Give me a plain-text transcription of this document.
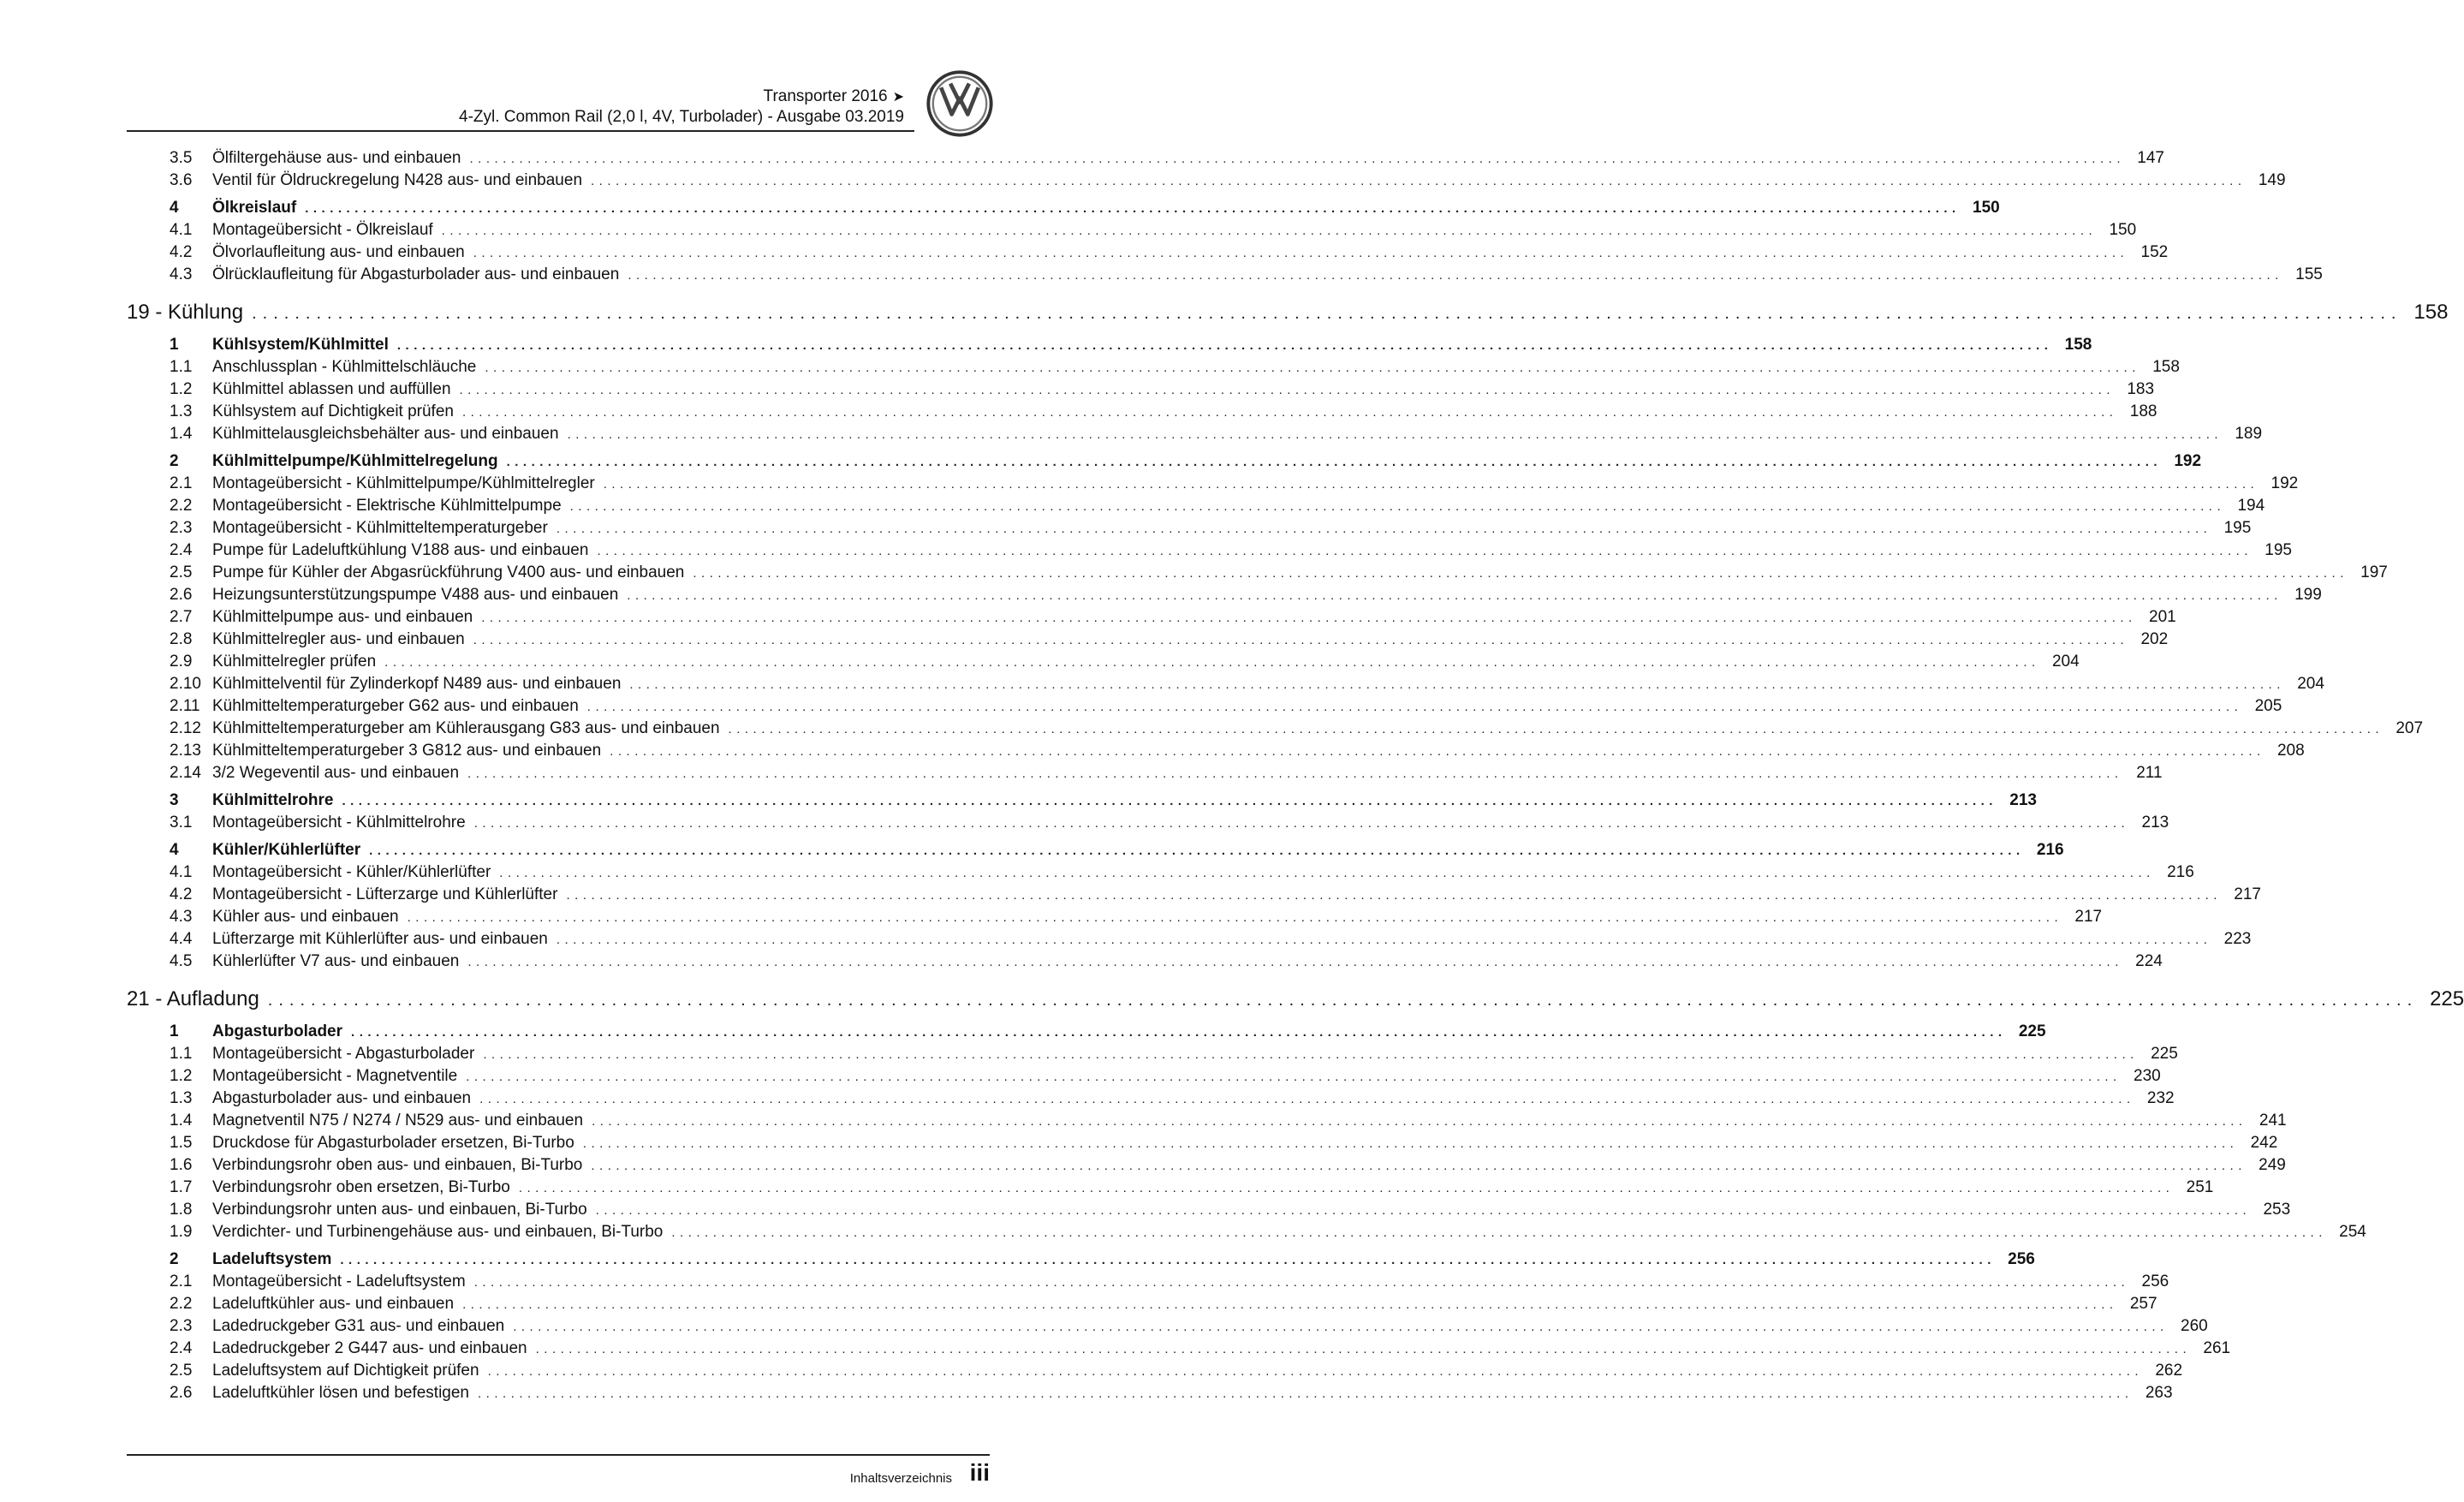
Transporter 2016 ➤
4-Zyl. Common Rail (2,0 l, 4V, Turbolader) - Ausgabe 03.2019
3.5	Ölfiltergehäuse aus- und einbauen ........................................................................................................................................................................................................ 147
3.6	Ventil für Öldruckregelung N428 aus- und einbauen ........................................................................................................................................................................................................ 149
4	Ölkreislauf ........................................................................................................................................................................................................ 150
4.1	Montageübersicht - Ölkreislauf ........................................................................................................................................................................................................ 150
4.2	Ölvorlaufleitung aus- und einbauen ........................................................................................................................................................................................................ 152
4.3	Ölrücklaufleitung für Abgasturbolader aus- und einbauen ........................................................................................................................................................................................................ 155
19 - Kühlung ........................................................................................................................................................................................................ 158
1	Kühlsystem/Kühlmittel ........................................................................................................................................................................................................ 158
1.1	Anschlussplan - Kühlmittelschläuche ........................................................................................................................................................................................................ 158
1.2	Kühlmittel ablassen und auffüllen ........................................................................................................................................................................................................ 183
1.3	Kühlsystem auf Dichtigkeit prüfen ........................................................................................................................................................................................................ 188
1.4	Kühlmittelausgleichsbehälter aus- und einbauen ........................................................................................................................................................................................................ 189
2	Kühlmittelpumpe/Kühlmittelregelung ........................................................................................................................................................................................................ 192
2.1	Montageübersicht - Kühlmittelpumpe/Kühlmittelregler ........................................................................................................................................................................................................ 192
2.2	Montageübersicht - Elektrische Kühlmittelpumpe ........................................................................................................................................................................................................ 194
2.3	Montageübersicht - Kühlmitteltemperaturgeber ........................................................................................................................................................................................................ 195
2.4	Pumpe für Ladeluftkühlung V188 aus- und einbauen ........................................................................................................................................................................................................ 195
2.5	Pumpe für Kühler der Abgasrückführung V400 aus- und einbauen ........................................................................................................................................................................................................ 197
2.6	Heizungsunterstützungspumpe V488 aus- und einbauen ........................................................................................................................................................................................................ 199
2.7	Kühlmittelpumpe aus- und einbauen ........................................................................................................................................................................................................ 201
2.8	Kühlmittelregler aus- und einbauen ........................................................................................................................................................................................................ 202
2.9	Kühlmittelregler prüfen ........................................................................................................................................................................................................ 204
2.10 Kühlmittelventil für Zylinderkopf N489 aus- und einbauen ........................................................................................................................................................................................................ 204
2.11 Kühlmitteltemperaturgeber G62 aus- und einbauen ........................................................................................................................................................................................................ 205
2.12 Kühlmitteltemperaturgeber am Kühlerausgang G83 aus- und einbauen ........................................................................................................................................................................................................ 207
2.13 Kühlmitteltemperaturgeber 3 G812 aus- und einbauen ........................................................................................................................................................................................................ 208
2.14 3/2 Wegeventil aus- und einbauen ........................................................................................................................................................................................................ 211
3	Kühlmittelrohre ........................................................................................................................................................................................................ 213
3.1	Montageübersicht - Kühlmittelrohre ........................................................................................................................................................................................................ 213
4	Kühler/Kühlerlüfter ........................................................................................................................................................................................................ 216
4.1	Montageübersicht - Kühler/Kühlerlüfter ........................................................................................................................................................................................................ 216
4.2	Montageübersicht - Lüfterzarge und Kühlerlüfter ........................................................................................................................................................................................................ 217
4.3	Kühler aus- und einbauen ........................................................................................................................................................................................................ 217
4.4	Lüfterzarge mit Kühlerlüfter aus- und einbauen ........................................................................................................................................................................................................ 223
4.5	Kühlerlüfter V7 aus- und einbauen ........................................................................................................................................................................................................ 224
21 - Aufladung ........................................................................................................................................................................................................ 225
1	Abgasturbolader ........................................................................................................................................................................................................ 225
1.1	Montageübersicht - Abgasturbolader ........................................................................................................................................................................................................ 225
1.2	Montageübersicht - Magnetventile ........................................................................................................................................................................................................ 230
1.3	Abgasturbolader aus- und einbauen ........................................................................................................................................................................................................ 232
1.4	Magnetventil N75 / N274 / N529 aus- und einbauen ........................................................................................................................................................................................................ 241
1.5	Druckdose für Abgasturbolader ersetzen, Bi-Turbo ........................................................................................................................................................................................................ 242
1.6	Verbindungsrohr oben aus- und einbauen, Bi-Turbo ........................................................................................................................................................................................................ 249
1.7	Verbindungsrohr oben ersetzen, Bi-Turbo ........................................................................................................................................................................................................ 251
1.8	Verbindungsrohr unten aus- und einbauen, Bi-Turbo ........................................................................................................................................................................................................ 253
1.9	Verdichter- und Turbinengehäuse aus- und einbauen, Bi-Turbo ........................................................................................................................................................................................................ 254
2	Ladeluftsystem ........................................................................................................................................................................................................ 256
2.1	Montageübersicht - Ladeluftsystem ........................................................................................................................................................................................................ 256
2.2	Ladeluftkühler aus- und einbauen ........................................................................................................................................................................................................ 257
2.3	Ladedruckgeber G31 aus- und einbauen ........................................................................................................................................................................................................ 260
2.4	Ladedruckgeber 2 G447 aus- und einbauen ........................................................................................................................................................................................................ 261
2.5	Ladeluftsystem auf Dichtigkeit prüfen ........................................................................................................................................................................................................ 262
2.6	Ladeluftkühler lösen und befestigen ........................................................................................................................................................................................................ 263
Inhaltsverzeichnis iii
